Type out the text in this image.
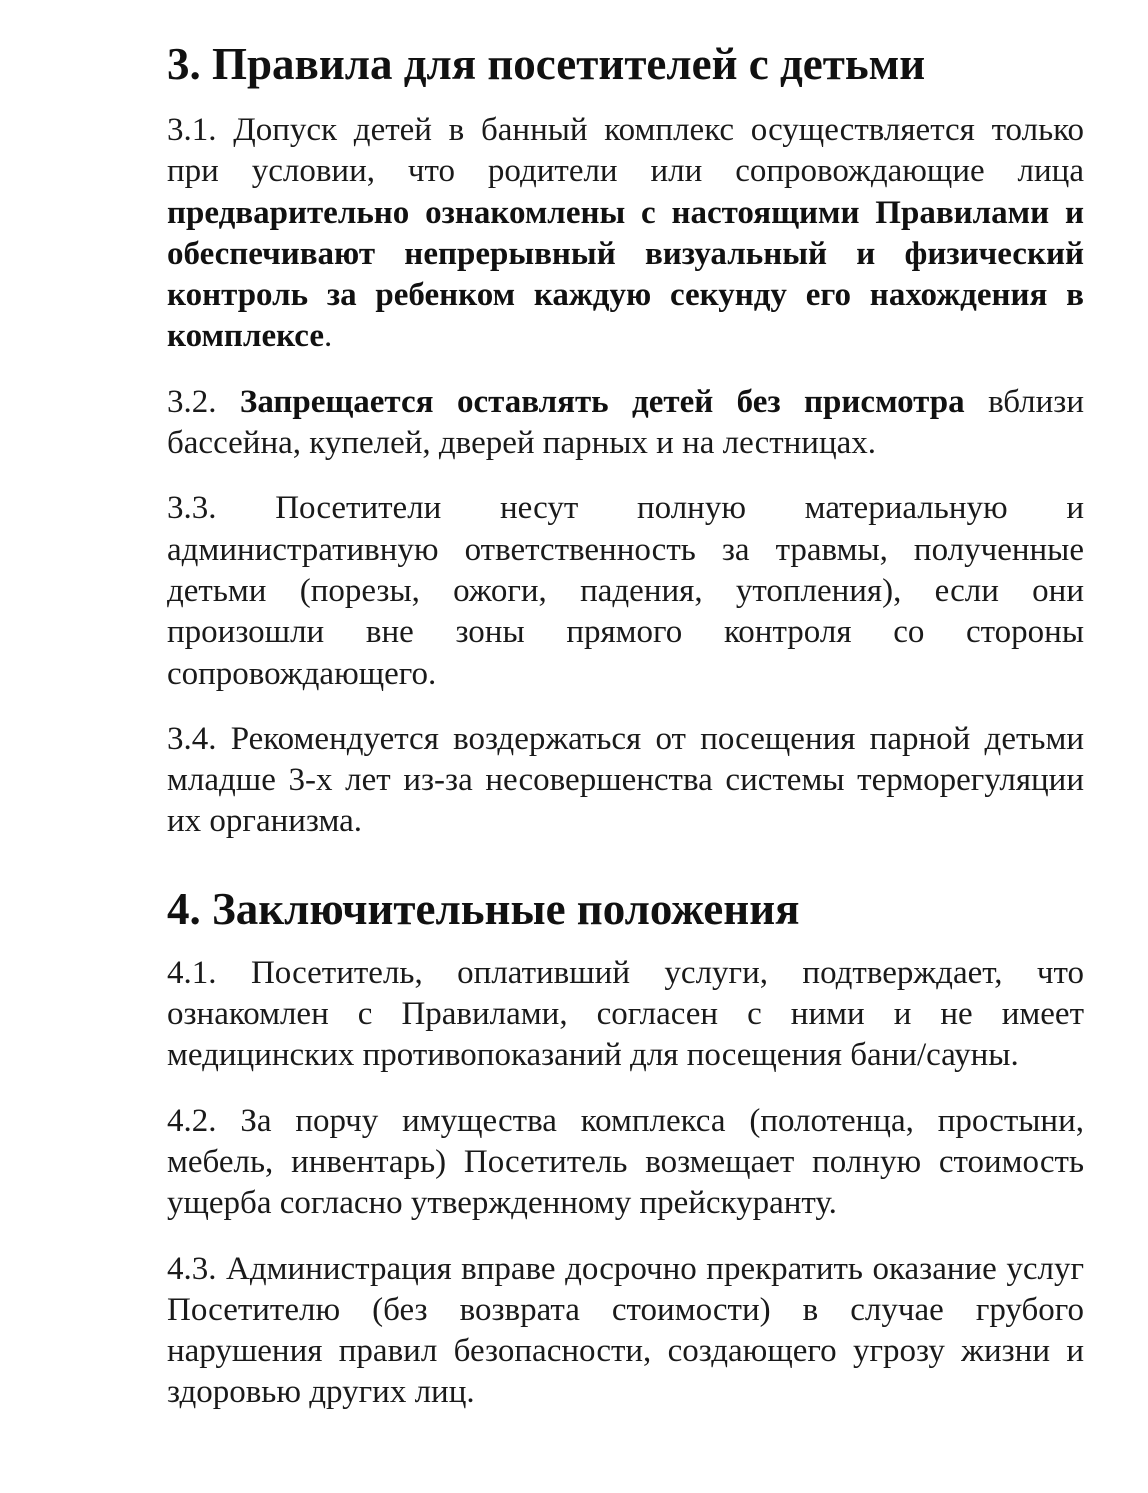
3. Правила для посетителей с детьми

3.1. Допуск детей в банный комплекс осуществляется только при условии, что родители или сопровождающие лица предварительно ознакомлены с настоящими Правилами и обеспечивают непрерывный визуальный и физический контроль за ребенком каждую секунду его нахождения в комплексе.

3.2. Запрещается оставлять детей без присмотра вблизи бассейна, купелей, дверей парных и на лестницах.

3.3. Посетители несут полную материальную и административную ответственность за травмы, полученные детьми (порезы, ожоги, падения, утопления), если они произошли вне зоны прямого контроля со стороны сопровождающего.

3.4. Рекомендуется воздержаться от посещения парной детьми младше 3-х лет из-за несовершенства системы терморегуляции их организма.

4. Заключительные положения

4.1. Посетитель, оплативший услуги, подтверждает, что ознакомлен с Правилами, согласен с ними и не имеет медицинских противопоказаний для посещения бани/сауны.

4.2. За порчу имущества комплекса (полотенца, простыни, мебель, инвентарь) Посетитель возмещает полную стоимость ущерба согласно утвержденному прейскуранту.

4.3. Администрация вправе досрочно прекратить оказание услуг Посетителю (без возврата стоимости) в случае грубого нарушения правил безопасности, создающего угрозу жизни и здоровью других лиц.
